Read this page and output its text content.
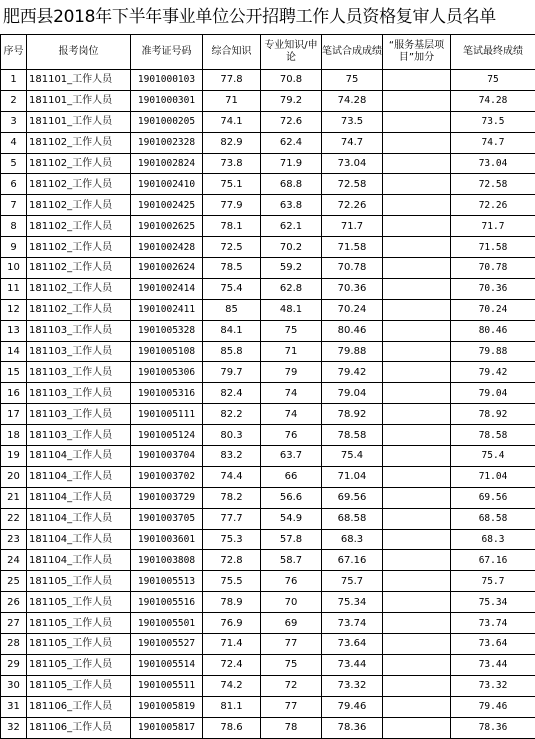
肥西县2018年下半年事业单位公开招聘工作人员资格复审人员名单
序号	报考岗位	准考证号码	综合知识	专业知识/申论	笔试合成成绩	“服务基层项目”加分	笔试最终成绩
1	181101_工作人员	1901000103	77.8	70.8	75		75
2	181101_工作人员	1901000301	71	79.2	74.28		74.28
3	181101_工作人员	1901000205	74.1	72.6	73.5		73.5
4	181102_工作人员	1901002328	82.9	62.4	74.7		74.7
5	181102_工作人员	1901002824	73.8	71.9	73.04		73.04
6	181102_工作人员	1901002410	75.1	68.8	72.58		72.58
7	181102_工作人员	1901002425	77.9	63.8	72.26		72.26
8	181102_工作人员	1901002625	78.1	62.1	71.7		71.7
9	181102_工作人员	1901002428	72.5	70.2	71.58		71.58
10	181102_工作人员	1901002624	78.5	59.2	70.78		70.78
11	181102_工作人员	1901002414	75.4	62.8	70.36		70.36
12	181102_工作人员	1901002411	85	48.1	70.24		70.24
13	181103_工作人员	1901005328	84.1	75	80.46		80.46
14	181103_工作人员	1901005108	85.8	71	79.88		79.88
15	181103_工作人员	1901005306	79.7	79	79.42		79.42
16	181103_工作人员	1901005316	82.4	74	79.04		79.04
17	181103_工作人员	1901005111	82.2	74	78.92		78.92
18	181103_工作人员	1901005124	80.3	76	78.58		78.58
19	181104_工作人员	1901003704	83.2	63.7	75.4		75.4
20	181104_工作人员	1901003702	74.4	66	71.04		71.04
21	181104_工作人员	1901003729	78.2	56.6	69.56		69.56
22	181104_工作人员	1901003705	77.7	54.9	68.58		68.58
23	181104_工作人员	1901003601	75.3	57.8	68.3		68.3
24	181104_工作人员	1901003808	72.8	58.7	67.16		67.16
25	181105_工作人员	1901005513	75.5	76	75.7		75.7
26	181105_工作人员	1901005516	78.9	70	75.34		75.34
27	181105_工作人员	1901005501	76.9	69	73.74		73.74
28	181105_工作人员	1901005527	71.4	77	73.64		73.64
29	181105_工作人员	1901005514	72.4	75	73.44		73.44
30	181105_工作人员	1901005511	74.2	72	73.32		73.32
31	181106_工作人员	1901005819	81.1	77	79.46		79.46
32	181106_工作人员	1901005817	78.6	78	78.36		78.36
